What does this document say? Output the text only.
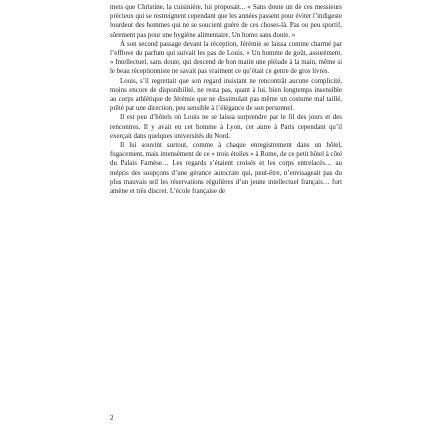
mets que Christine, la cuisinière, lui proposait... « Sans doute un de ces messieurs précieux qui se restreignent cependant que les années passent pour éviter l’indigeste lourdeur des hommes qui ne se soucient guère de ces choses-là. Pas ou peu sportif, sûrement pas pour une hygiène alimentaire. Un homo sans doute. »

À son second passage devant la réception, Jérémie se laissa comme charmé par l’effluve du parfum qui suivait les pas de Louis. « Un homme de goût, assurément. » Intellectuel, sans doute, qui descend de bon matin une pléiade à la main, même si le beau réceptionniste ne savait pas vraiment ce qu’était ce genre de gros livres.

Louis, s’il regrettait que son regard insistant ne rencontrât aucune complicité, moins encore de disponibilité, ne resta pas, quant à lui, bien longtemps insensible au corps athlétique de Jérémie que ne dissimulait pas même un costume mal taillé, prêté par une direction, peu sensible à l’élégance de son personnel.

Il est peu d’hôtels où Louis ne se laissa surprendre par le fil des jours et des rencontres. Il y avait eu cet homme à Lyon, cet autre à Paris cependant qu’il exerçait dans quelques universités du Nord.

Il lui souvint surtout, comme à chaque enregistrement dans un hôtel, fugacement, mais intensément de ce « trois étoiles » à Rome, de ce petit hôtel à côté du Palais Farnèse… Les regards s’étaient croisés et les corps entrelacés… au mépris des soupçons d’une gérance autocrate qui, peut-être, n’envisageait pas du plus mauvais œil les réservations régulières d’un jeune intellectuel français… fort amène et très discret. L’école française de

2
